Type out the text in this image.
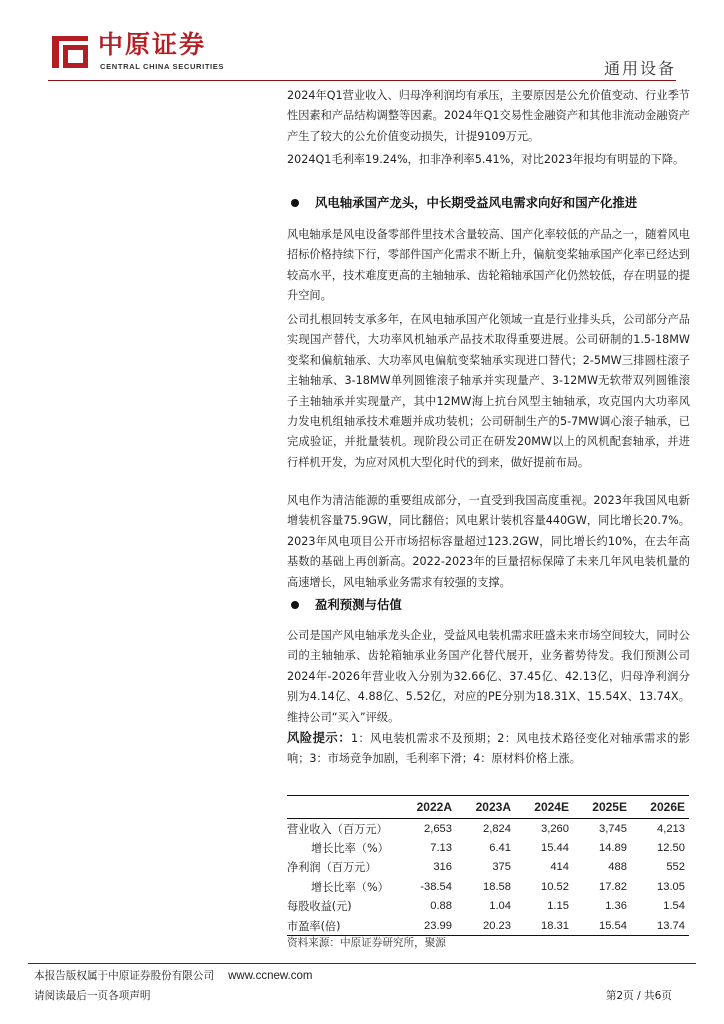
中原证券
CENTRAL CHINA SECURITIES	通用设备
2024年Q1营业收入、归母净利润均有承压，主要原因是公允价值变动、行业季节性因素和产品结构调整等因素。2024年Q1交易性金融资产和其他非流动金融资产产生了较大的公允价值变动损失，计提9109万元。
2024Q1毛利率19.24%，扣非净利率5.41%，对比2023年报均有明显的下降。
风电轴承国产龙头，中长期受益风电需求向好和国产化推进
风电轴承是风电设备零部件里技术含量较高、国产化率较低的产品之一，随着风电招标价格持续下行，零部件国产化需求不断上升，偏航变桨轴承国产化率已经达到较高水平，技术难度更高的主轴轴承、齿轮箱轴承国产化仍然较低，存在明显的提升空间。
公司扎根回转支承多年，在风电轴承国产化领域一直是行业排头兵，公司部分产品实现国产替代，大功率风机轴承产品技术取得重要进展。公司研制的1.5-18MW变桨和偏航轴承、大功率风电偏航变桨轴承实现进口替代；2-5MW三排圆柱滚子主轴轴承、3-18MW单列圆锥滚子轴承并实现量产、3-12MW无软带双列圆锥滚子主轴轴承并实现量产，其中12MW海上抗台风型主轴轴承，攻克国内大功率风力发电机组轴承技术难题并成功装机；公司研制生产的5-7MW调心滚子轴承，已完成验证，并批量装机。现阶段公司正在研发20MW以上的风机配套轴承，并进行样机开发，为应对风机大型化时代的到来，做好提前布局。
风电作为清洁能源的重要组成部分，一直受到我国高度重视。2023年我国风电新增装机容量75.9GW，同比翻倍；风电累计装机容量440GW，同比增长20.7%。2023年风电项目公开市场招标容量超过123.2GW，同比增长约10%，在去年高基数的基础上再创新高。2022-2023年的巨量招标保障了未来几年风电装机量的高速增长，风电轴承业务需求有较强的支撑。
盈利预测与估值
公司是国产风电轴承龙头企业，受益风电装机需求旺盛未来市场空间较大，同时公司的主轴轴承、齿轮箱轴承业务国产化替代展开，业务蓄势待发。我们预测公司2024年-2026年营业收入分别为32.66亿、37.45亿、42.13亿，归母净利润分别为4.14亿、4.88亿、5.52亿，对应的PE分别为18.31X、15.54X、13.74X。维持公司“买入”评级。
风险提示：1：风电装机需求不及预期；2：风电技术路径变化对轴承需求的影响；3：市场竞争加剧，毛利率下滑；4：原材料价格上涨。
	2022A	2023A	2024E	2025E	2026E
营业收入（百万元）	2,653	2,824	3,260	3,745	4,213
增长比率（%）	7.13	6.41	15.44	14.89	12.50
净利润（百万元）	316	375	414	488	552
增长比率（%）	-38.54	18.58	10.52	17.82	13.05
每股收益(元)	0.88	1.04	1.15	1.36	1.54
市盈率(倍)	23.99	20.23	18.31	15.54	13.74
资料来源：中原证券研究所，聚源
本报告版权属于中原证券股份有限公司 www.ccnew.com
请阅读最后一页各项声明	第2页 / 共6页
